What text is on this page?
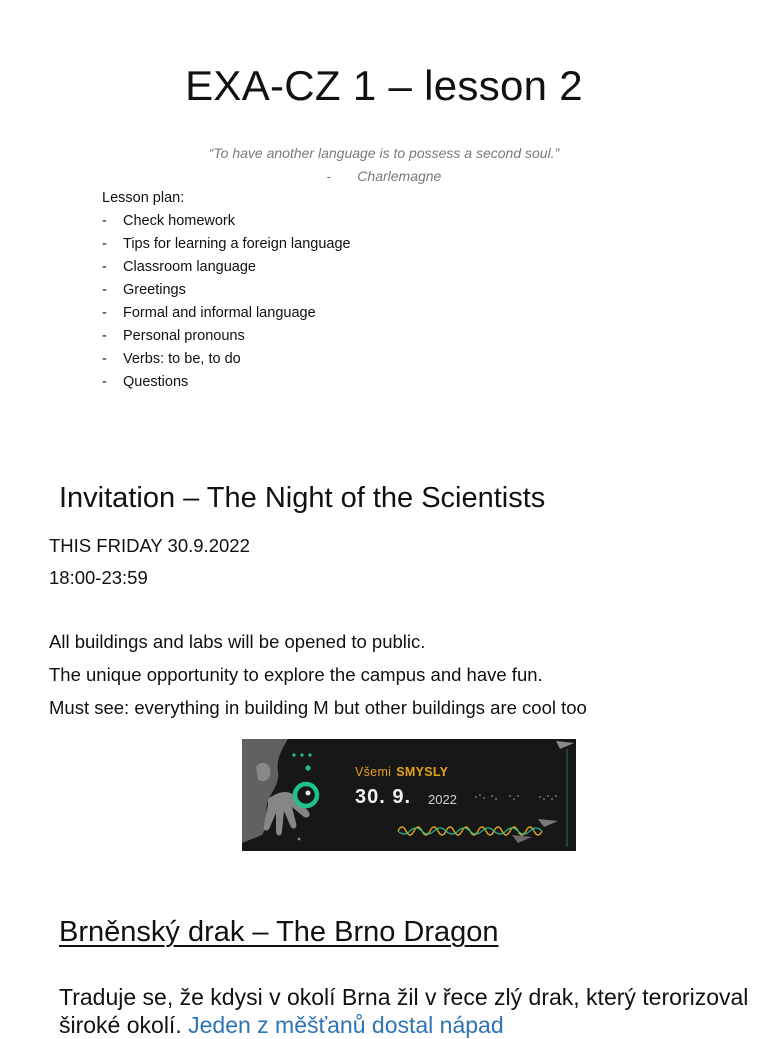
EXA-CZ 1 – lesson 2
“To have another language is to possess a second soul.”
- Charlemagne
Lesson plan:
- Check homework
- Tips for learning a foreign language
- Classroom language
- Greetings
- Formal and informal language
- Personal pronouns
- Verbs: to be, to do
- Questions
Invitation – The Night of the Scientists
THIS FRIDAY 30.9.2022
18:00-23:59
All buildings and labs will be opened to public.
The unique opportunity to explore the campus and have fun.
Must see: everything in building M but other buildings are cool too
Všemi SMYSLY
30. 9. 2022
Brněnský drak – The Brno Dragon
Traduje se, že kdysi v okolí Brna žil v řece zlý drak, který terorizoval široké okolí. Jeden z měšťanů dostal nápad
